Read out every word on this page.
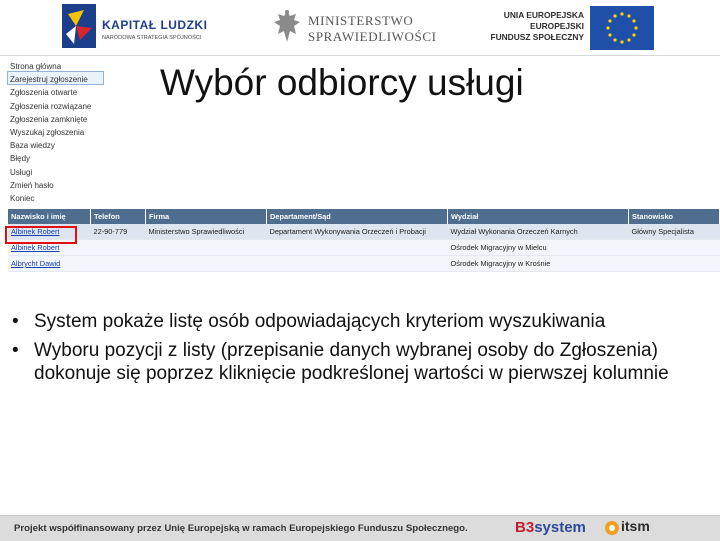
KAPITAŁ LUDZKI
NARODOWA STRATEGIA SPÓJNOŚCI
MINISTERSTWO
SPRAWIEDLIWOŚCI
UNIA EUROPEJSKA
EUROPEJSKI
FUNDUSZ SPOŁECZNY
Strona główna
Zarejestruj zgłoszenie
Zgłoszenia otwarte
Zgłoszenia rozwiązane
Zgłoszenia zamknięte
Wyszukaj zgłoszenia
Baza wiedzy
Błędy
Usługi
Zmień hasło
Koniec
Wybór odbiorcy usługi
Nazwisko i imię	Telefon	Firma	Departament/Sąd	Wydział	Stanowisko
Albinek Robert	22-90-779	Ministerstwo Sprawiedliwości	Departament Wykonywania Orzeczeń i Probacji	Wydział Wykonania Orzeczeń Karnych	Główny Specjalista
Albinek Robert				Ośrodek Migracyjny w Mielcu	
Albrycht Dawid				Ośrodek Migracyjny w Krośnie	
• System pokaże listę osób odpowiadających kryteriom wyszukiwania
• Wyboru pozycji z listy (przepisanie danych wybranej osoby do Zgłoszenia) dokonuje się poprzez kliknięcie podkreślonej wartości w pierwszej kolumnie
Projekt współfinansowany przez Unię Europejską w ramach Europejskiego Funduszu Społecznego.	B3system	itsm
